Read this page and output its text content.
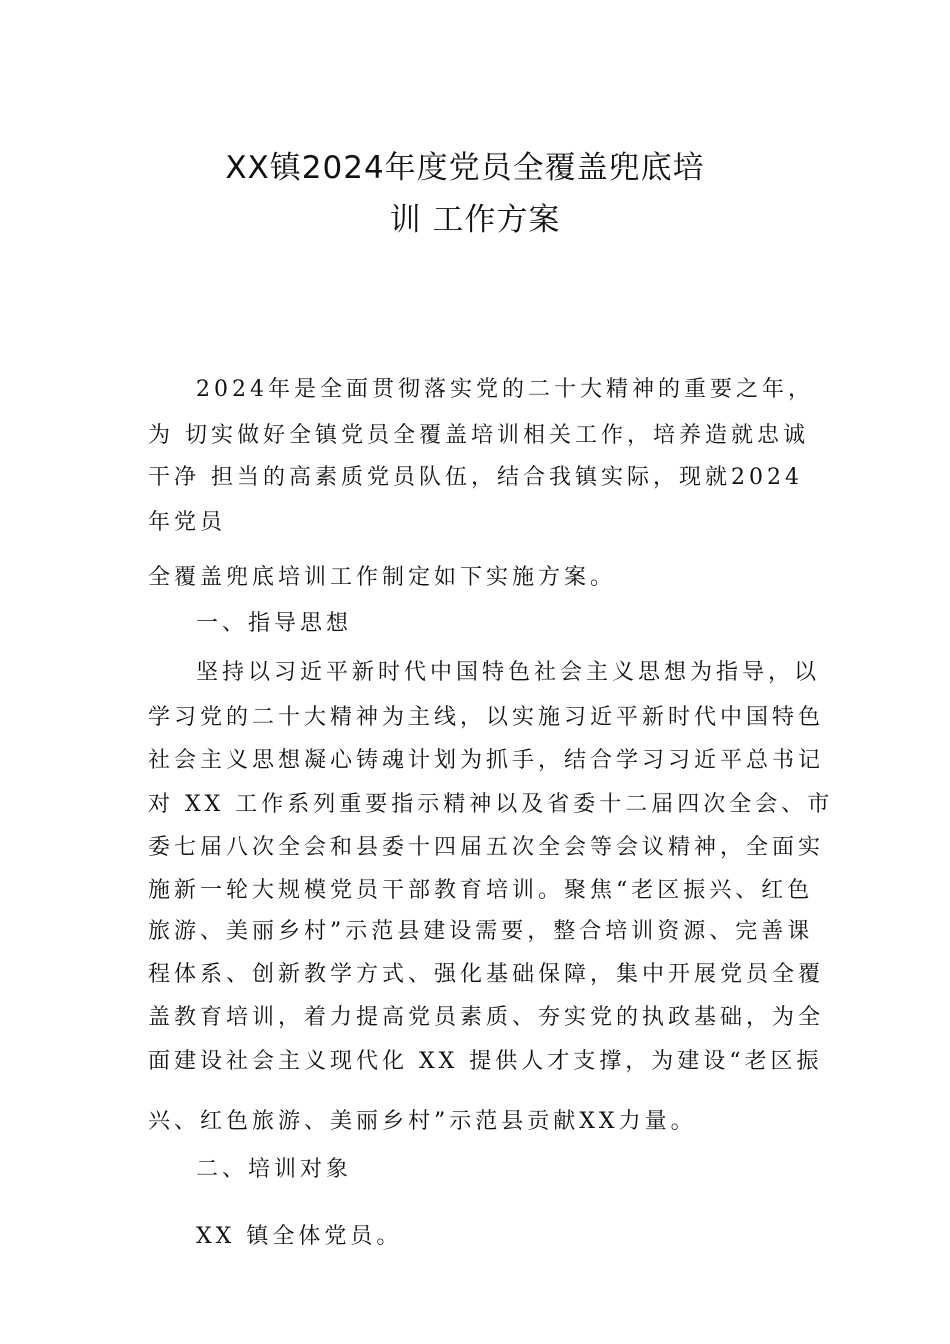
XX镇2024年度党员全覆盖兜底培
训 工作方案
2024年是全面贯彻落实党的二十大精神的重要之年，
为 切实做好全镇党员全覆盖培训相关工作，培养造就忠诚
干净 担当的高素质党员队伍，结合我镇实际，现就2024
年党员
全覆盖兜底培训工作制定如下实施方案。
一、指导思想
坚持以习近平新时代中国特色社会主义思想为指导，以
学习党的二十大精神为主线，以实施习近平新时代中国特色
社会主义思想凝心铸魂计划为抓手，结合学习习近平总书记
对 XX 工作系列重要指示精神以及省委十二届四次全会、市
委七届八次全会和县委十四届五次全会等会议精神，全面实
施新一轮大规模党员干部教育培训。聚焦“老区振兴、红色
旅游、美丽乡村”示范县建设需要，整合培训资源、完善课
程体系、创新教学方式、强化基础保障，集中开展党员全覆
盖教育培训，着力提高党员素质、夯实党的执政基础，为全
面建设社会主义现代化 XX 提供人才支撑，为建设“老区振
兴、红色旅游、美丽乡村”示范县贡献XX力量。
二、培训对象
XX 镇全体党员。
